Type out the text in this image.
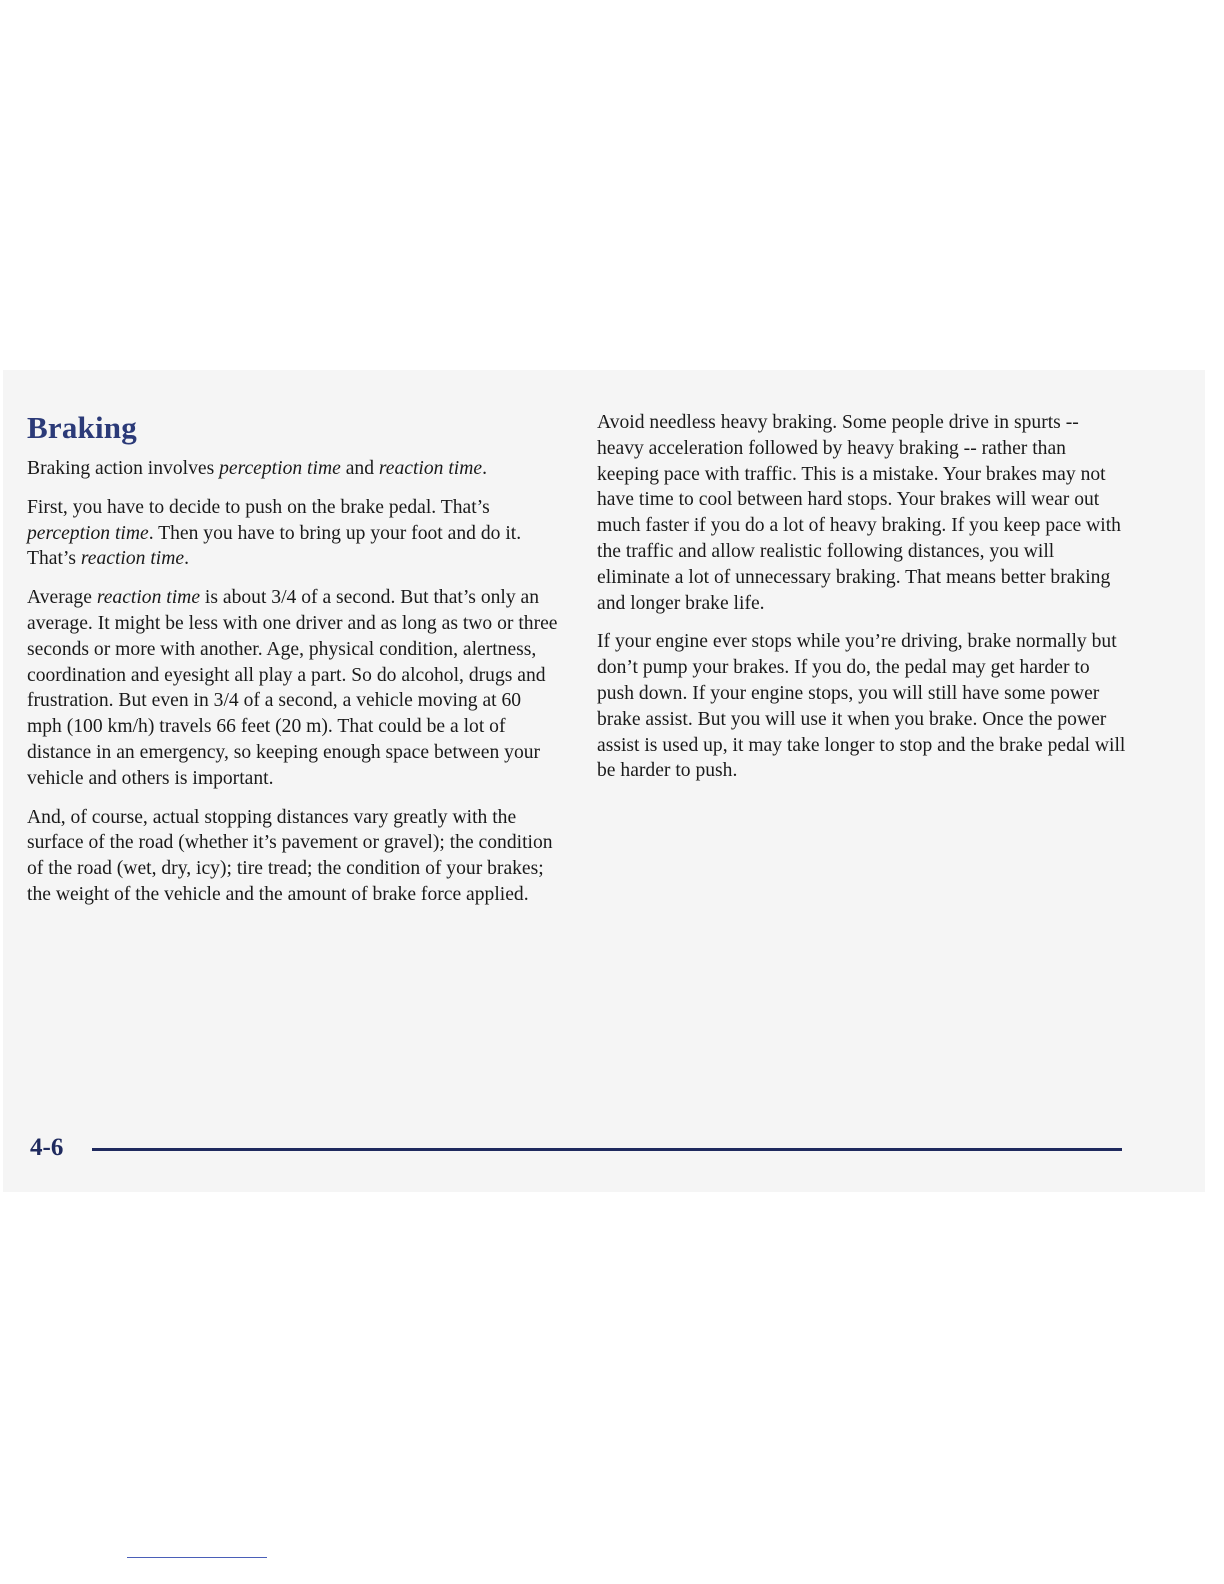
Braking

Braking action involves perception time and reaction time.

First, you have to decide to push on the brake pedal. That’s perception time. Then you have to bring up your foot and do it. That’s reaction time.

Average reaction time is about 3/4 of a second. But that’s only an average. It might be less with one driver and as long as two or three seconds or more with another. Age, physical condition, alertness, coordination and eyesight all play a part. So do alcohol, drugs and frustration. But even in 3/4 of a second, a vehicle moving at 60 mph (100 km/h) travels 66 feet (20 m). That could be a lot of distance in an emergency, so keeping enough space between your vehicle and others is important.

And, of course, actual stopping distances vary greatly with the surface of the road (whether it’s pavement or gravel); the condition of the road (wet, dry, icy); tire tread; the condition of your brakes; the weight of the vehicle and the amount of brake force applied.

Avoid needless heavy braking. Some people drive in spurts -- heavy acceleration followed by heavy braking -- rather than keeping pace with traffic. This is a mistake. Your brakes may not have time to cool between hard stops. Your brakes will wear out much faster if you do a lot of heavy braking. If you keep pace with the traffic and allow realistic following distances, you will eliminate a lot of unnecessary braking. That means better braking and longer brake life.

If your engine ever stops while you’re driving, brake normally but don’t pump your brakes. If you do, the pedal may get harder to push down. If your engine stops, you will still have some power brake assist. But you will use it when you brake. Once the power assist is used up, it may take longer to stop and the brake pedal will be harder to push.

4-6
